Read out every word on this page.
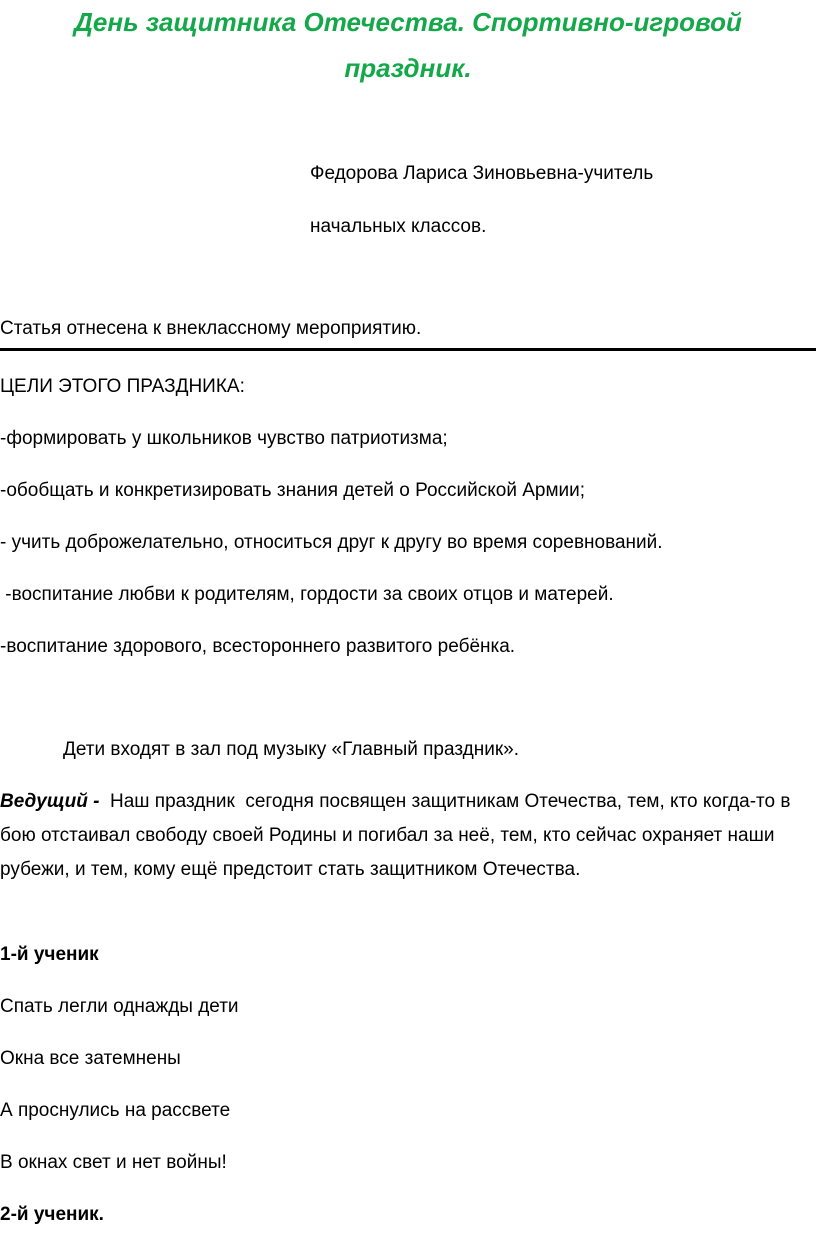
День защитника Отечества. Спортивно-игровой
праздник.
Федорова Лариса Зиновьевна-учитель
начальных классов.
Статья отнесена к внеклассному мероприятию.
ЦЕЛИ ЭТОГО ПРАЗДНИКА:
-формировать у школьников чувство патриотизма;
-обобщать и конкретизировать знания детей о Российской Армии;
- учить доброжелательно, относиться друг к другу во время соревнований.
-воспитание любви к родителям, гордости за своих отцов и матерей.
-воспитание здорового, всестороннего развитого ребёнка.
Дети входят в зал под музыку «Главный праздник».

Ведущий -  Наш праздник  сегодня посвящен защитникам Отечества, тем, кто когда-то в бою отстаивал свободу своей Родины и погибал за неё, тем, кто сейчас охраняет наши рубежи, и тем, кому ещё предстоит стать защитником Отечества.

1-й ученик
Спать легли однажды дети
Окна все затемнены
А проснулись на рассвете
В окнах свет и нет войны!
2-й ученик.
